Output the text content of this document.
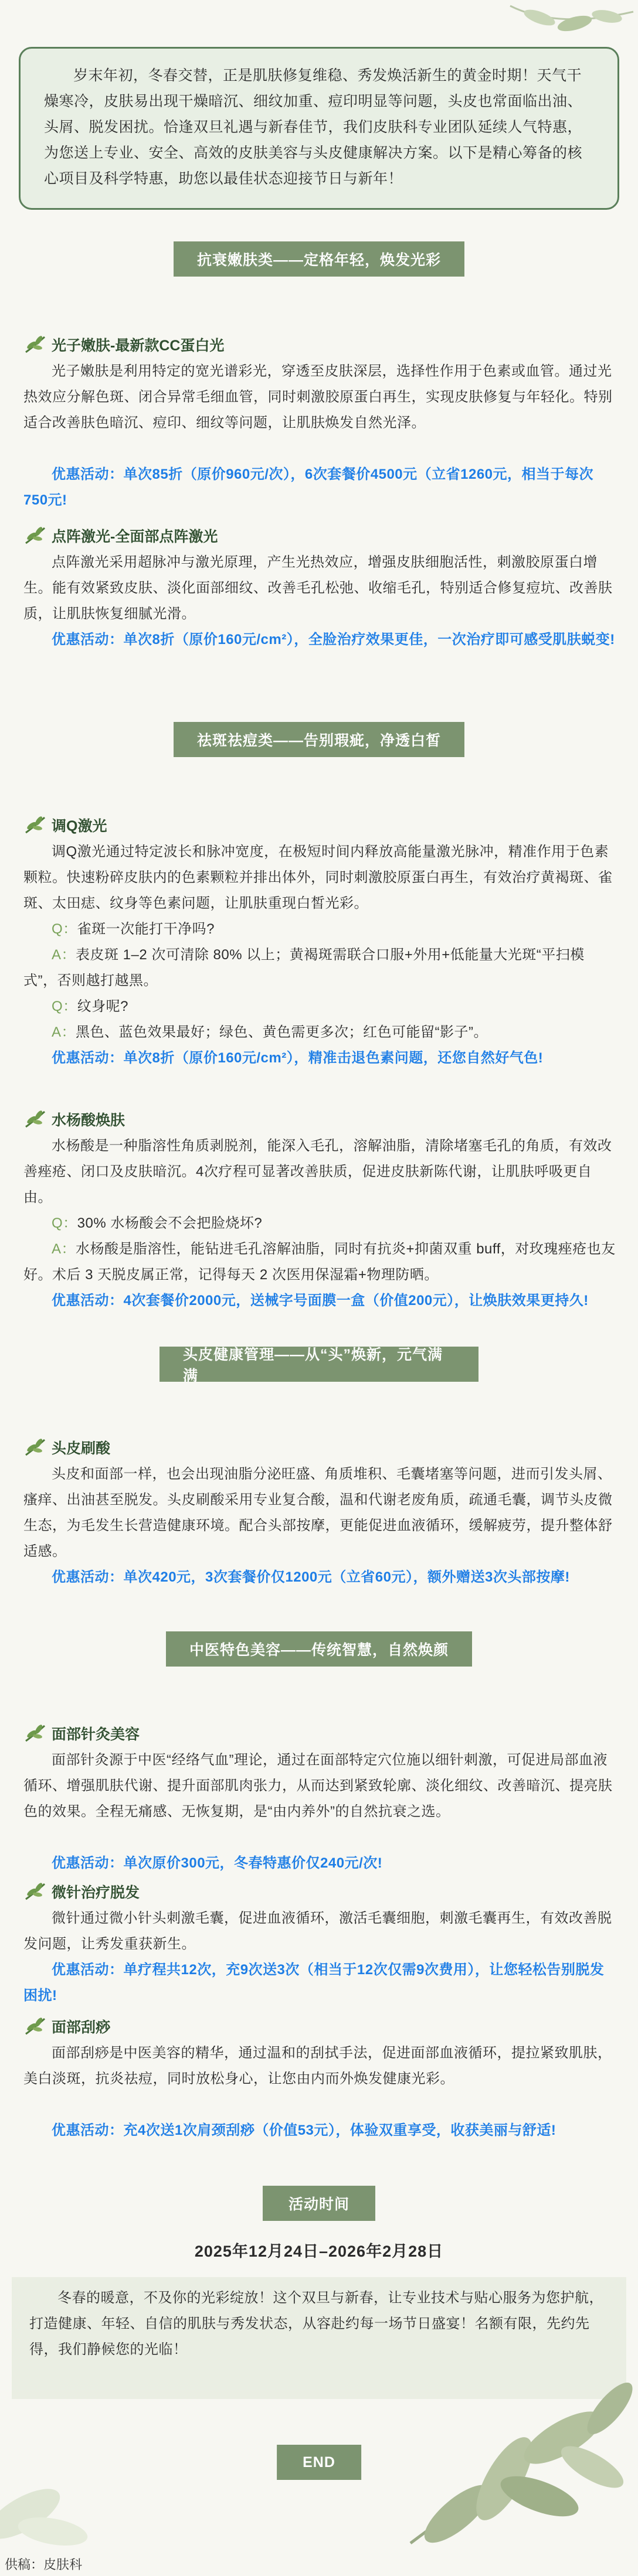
岁末年初，冬春交替，正是肌肤修复维稳、秀发焕活新生的黄金时期！天气干燥寒冷，皮肤易出现干燥暗沉、细纹加重、痘印明显等问题，头皮也常面临出油、头屑、脱发困扰。恰逢双旦礼遇与新春佳节，我们皮肤科专业团队延续人气特惠，为您送上专业、安全、高效的皮肤美容与头皮健康解决方案。以下是精心筹备的核心项目及科学特惠，助您以最佳状态迎接节日与新年！
抗衰嫩肤类——定格年轻，焕发光彩
光子嫩肤-最新款CC蛋白光
光子嫩肤是利用特定的宽光谱彩光，穿透至皮肤深层，选择性作用于色素或血管。通过光热效应分解色斑、闭合异常毛细血管，同时刺激胶原蛋白再生，实现皮肤修复与年轻化。特别适合改善肤色暗沉、痘印、细纹等问题，让肌肤焕发自然光泽。
优惠活动：单次85折（原价960元/次），6次套餐价4500元（立省1260元，相当于每次750元!
点阵激光-全面部点阵激光
点阵激光采用超脉冲与激光原理，产生光热效应，增强皮肤细胞活性，刺激胶原蛋白增生。能有效紧致皮肤、淡化面部细纹、改善毛孔松弛、收缩毛孔，特别适合修复痘坑、改善肤质，让肌肤恢复细腻光滑。
优惠活动：单次8折（原价160元/cm²），全脸治疗效果更佳，一次治疗即可感受肌肤蜕变!
祛斑祛痘类——告别瑕疵，净透白皙
调Q激光
调Q激光通过特定波长和脉冲宽度，在极短时间内释放高能量激光脉冲，精准作用于色素颗粒。快速粉碎皮肤内的色素颗粒并排出体外，同时刺激胶原蛋白再生，有效治疗黄褐斑、雀斑、太田痣、纹身等色素问题，让肌肤重现白皙光彩。
Q：雀斑一次能打干净吗?
A：表皮斑 1–2 次可清除 80% 以上；黄褐斑需联合口服+外用+低能量大光斑“平扫模式”，否则越打越黑。
Q：纹身呢?
A：黑色、蓝色效果最好；绿色、黄色需更多次；红色可能留“影子”。
优惠活动：单次8折（原价160元/cm²），精准击退色素问题，还您自然好气色!
水杨酸焕肤
水杨酸是一种脂溶性角质剥脱剂，能深入毛孔，溶解油脂，清除堵塞毛孔的角质，有效改善痤疮、闭口及皮肤暗沉。4次疗程可显著改善肤质，促进皮肤新陈代谢，让肌肤呼吸更自由。
Q：30% 水杨酸会不会把脸烧坏?
A：水杨酸是脂溶性，能钻进毛孔溶解油脂，同时有抗炎+抑菌双重 buff，对玫瑰痤疮也友好。术后 3 天脱皮属正常，记得每天 2 次医用保湿霜+物理防晒。
优惠活动：4次套餐价2000元，送械字号面膜一盒（价值200元），让焕肤效果更持久!
头皮健康管理——从“头”焕新，元气满满
头皮刷酸
头皮和面部一样，也会出现油脂分泌旺盛、角质堆积、毛囊堵塞等问题，进而引发头屑、瘙痒、出油甚至脱发。头皮刷酸采用专业复合酸，温和代谢老废角质，疏通毛囊，调节头皮微生态，为毛发生长营造健康环境。配合头部按摩，更能促进血液循环，缓解疲劳，提升整体舒适感。
优惠活动：单次420元，3次套餐价仅1200元（立省60元），额外赠送3次头部按摩!
中医特色美容——传统智慧，自然焕颜
面部针灸美容
面部针灸源于中医“经络气血”理论，通过在面部特定穴位施以细针刺激，可促进局部血液循环、增强肌肤代谢、提升面部肌肉张力，从而达到紧致轮廓、淡化细纹、改善暗沉、提亮肤色的效果。全程无痛感、无恢复期，是“由内养外”的自然抗衰之选。
优惠活动：单次原价300元，冬春特惠价仅240元/次!
微针治疗脱发
微针通过微小针头刺激毛囊，促进血液循环，激活毛囊细胞，刺激毛囊再生，有效改善脱发问题，让秀发重获新生。
优惠活动：单疗程共12次，充9次送3次（相当于12次仅需9次费用），让您轻松告别脱发困扰!
面部刮痧
面部刮痧是中医美容的精华，通过温和的刮拭手法，促进面部血液循环，提拉紧致肌肤，美白淡斑，抗炎祛痘，同时放松身心，让您由内而外焕发健康光彩。
优惠活动：充4次送1次肩颈刮痧（价值53元），体验双重享受，收获美丽与舒适!
活动时间
2025年12月24日–2026年2月28日
冬春的暖意，不及你的光彩绽放！这个双旦与新春，让专业技术与贴心服务为您护航，打造健康、年轻、自信的肌肤与秀发状态，从容赴约每一场节日盛宴！名额有限，先约先得，我们静候您的光临！
END
供稿：皮肤科
